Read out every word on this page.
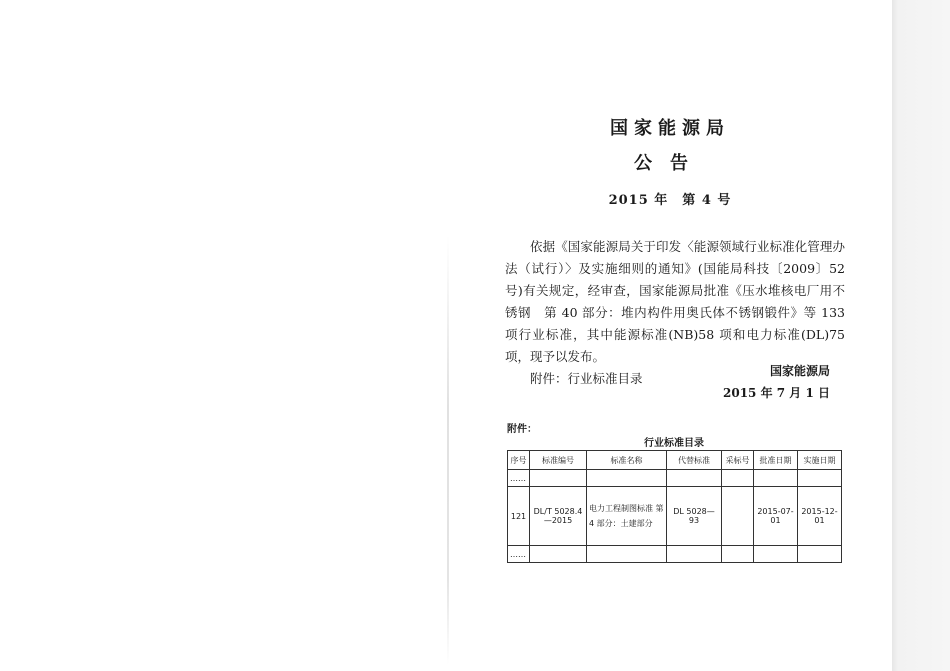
国家能源局
公告
2015 年　第 4 号

依据《国家能源局关于印发〈能源领域行业标准化管理办法（试行）〉及实施细则的通知》(国能局科技〔2009〕52 号)有关规定，经审查，国家能源局批准《压水堆核电厂用不锈钢　第 40 部分：堆内构件用奥氏体不锈钢锻件》等 133 项行业标准，其中能源标准(NB)58 项和电力标准(DL)75 项，现予以发布。

附件：行业标准目录	国家能源局
2015 年 7 月 1 日
附件：
行业标准目录
序号	标准编号	标准名称	代替标准	采标号	批准日期	实施日期
……						
121	DL/T 5028.4—2015	电力工程制图标准 第 4 部分：土建部分	DL 5028—93		2015-07-01	2015-12-01
……						
